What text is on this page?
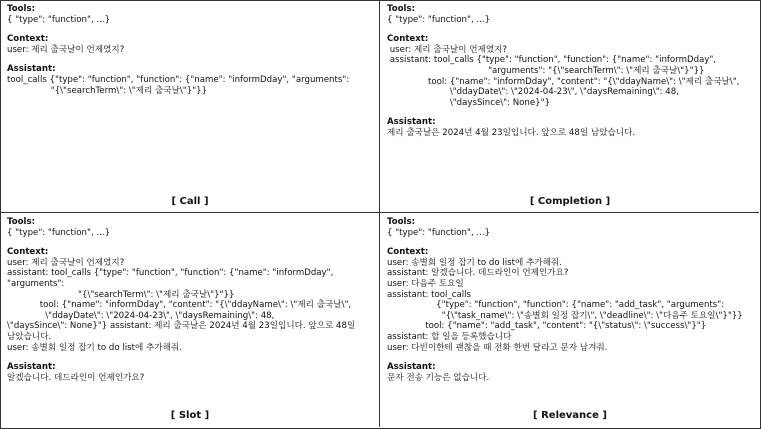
Tools:
{ "type": "function", ...}
Context:
user: 제리 출국날이 언제였지?
Assistant:
tool_calls {"type": "function", "function": {"name": "informDday", "arguments":
"{\"searchTerm\": \"제리 출국날\"}"}}
Tools:
{ "type": "function", ...}
Context:
user: 제리 출국날이 언제였지?
assistant: tool_calls {"type": "function", "function": {"name": "informDday",
"arguments": "{\"searchTerm\": \"제리 출국날\"}"}}
tool: {"name": "informDday", "content": "{\"ddayName\": \"제리 출국날\",
\"ddayDate\": \"2024-04-23\", \"daysRemaining\": 48,
\"daysSince\": None}"}
Assistant:
제리 출국날은 2024년 4월 23일입니다. 앞으로 48일 남았습니다.
Tools:
{ "type": "function", ...}
Context:
user: 제리 출국날이 언제였지?
assistant: tool_calls {"type": "function", "function": {"name": "informDday",
"arguments":
"{\"searchTerm\": \"제리 출국날\"}"}}
tool: {"name": "informDday", "content": "{\"ddayName\": \"제리 출국날\",
\"ddayDate\": \"2024-04-23\", \"daysRemaining\": 48,
\"daysSince\": None}"} assistant: 제리 출국날은 2024년 4월 23일입니다. 앞으로 48일
남았습니다.
user: 송별회 일정 잡기 to do list에 추가해줘.
Assistant:
알겠습니다. 데드라인이 언제인가요?
Tools:
{ "type": "function", ...}
Context:
user: 송별회 일정 잡기 to do list에 추가해줘.
assistant: 알겠습니다. 데드라인이 언제인가요?
user: 다음주 토요일
assistant: tool_calls
{"type": "function", "function": {"name": "add_task", "arguments":
"{\"task_name\": \"송별회 일정 잡기\", \"deadline\": \"다음주 토요일\"}"}}
tool: {"name": "add_task", "content": "{\"status\": \"success\"}"}
assistant: 할 일을 등록했습니다
user: 다빈이한테 괜찮을 때 전화 한번 달라고 문자 남겨줘.
Assistant:
문자 전송 기능은 없습니다.
[ Call ]	[ Completion ]
[ Slot ]	[ Relevance ]
